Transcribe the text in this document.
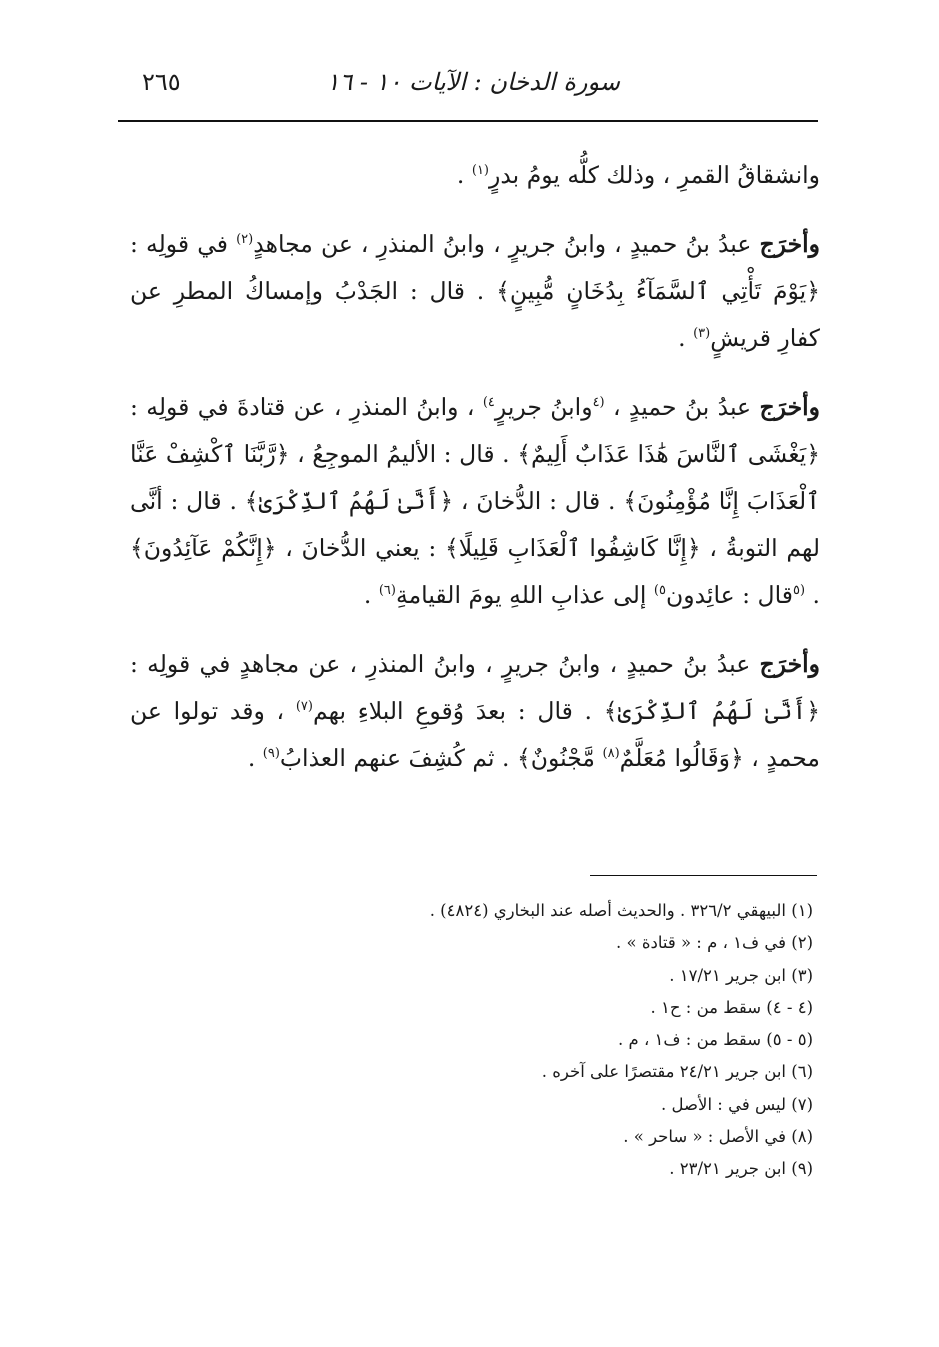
سورة الدخان : الآيات ١٠ - ١٦
٢٦٥

وانشقاقُ القمرِ ، وذلك كلُّه يومُ بدرٍ$^{(١)}$ .

وأخرَج عبدُ بنُ حميدٍ ، وابنُ جريرٍ ، وابنُ المنذرِ ، عن مجاهدٍ$^{(٢)}$ في قولِه : ﴿يَوْمَ تَأْتِي ٱلسَّمَآءُ بِدُخَانٍ مُّبِينٍ﴾ . قال : الجَدْبُ وإمساكُ المطرِ عن كفارِ قريشٍ$^{(٣)}$ .

وأخرَج عبدُ بنُ حميدٍ ، $^{(٤}$وابنُ جريرٍ$^{٤)}$ ، وابنُ المنذرِ ، عن قتادةَ في قولِه : ﴿يَغْشَى ٱلنَّاسَ هَٰذَا عَذَابٌ أَلِيمٌ﴾ . قال : الأليمُ الموجِعُ ، ﴿رَّبَّنَا ٱكْشِفْ عَنَّا ٱلْعَذَابَ إِنَّا مُؤْمِنُونَ﴾ . قال : الدُّخانَ ، ﴿أَنَّىٰ لَهُمُ ٱلذِّكْرَىٰ﴾ . قال : أنَّى لهم التوبةُ ، ﴿إِنَّا كَاشِفُوا ٱلْعَذَابِ قَلِيلًا﴾ : يعني الدُّخانَ ، ﴿إِنَّكُمْ عَآئِدُونَ﴾ . $^{(٥}$قال : عائِدون$^{٥)}$ إلى عذابِ اللهِ يومَ القيامةِ$^{(٦)}$ .

وأخرَج عبدُ بنُ حميدٍ ، وابنُ جريرٍ ، وابنُ المنذرِ ، عن مجاهدٍ في قولِه : ﴿أَنَّىٰ لَهُمُ ٱلذِّكْرَىٰ﴾ . قال : بعدَ وُقوعِ البلاءِ بهم$^{(٧)}$ ، وقد تولوا عن محمدٍ ، ﴿وَقَالُوا مُعَلَّمٌ$^{(٨)}$ مَّجْنُونٌ﴾ . ثم كُشِفَ عنهم العذابُ$^{(٩)}$ .

(١) البيهقي ٣٢٦/٢ . والحديث أصله عند البخاري (٤٨٢٤) .
(٢) في ف١ ، م : « قتادة » .
(٣) ابن جرير ١٧/٢١ .
(٤ - ٤) سقط من : ح١ .
(٥ - ٥) سقط من : ف١ ، م .
(٦) ابن جرير ٢٤/٢١ مقتصرًا على آخره .
(٧) ليس في : الأصل .
(٨) في الأصل : « ساحر » .
(٩) ابن جرير ٢٣/٢١ .
